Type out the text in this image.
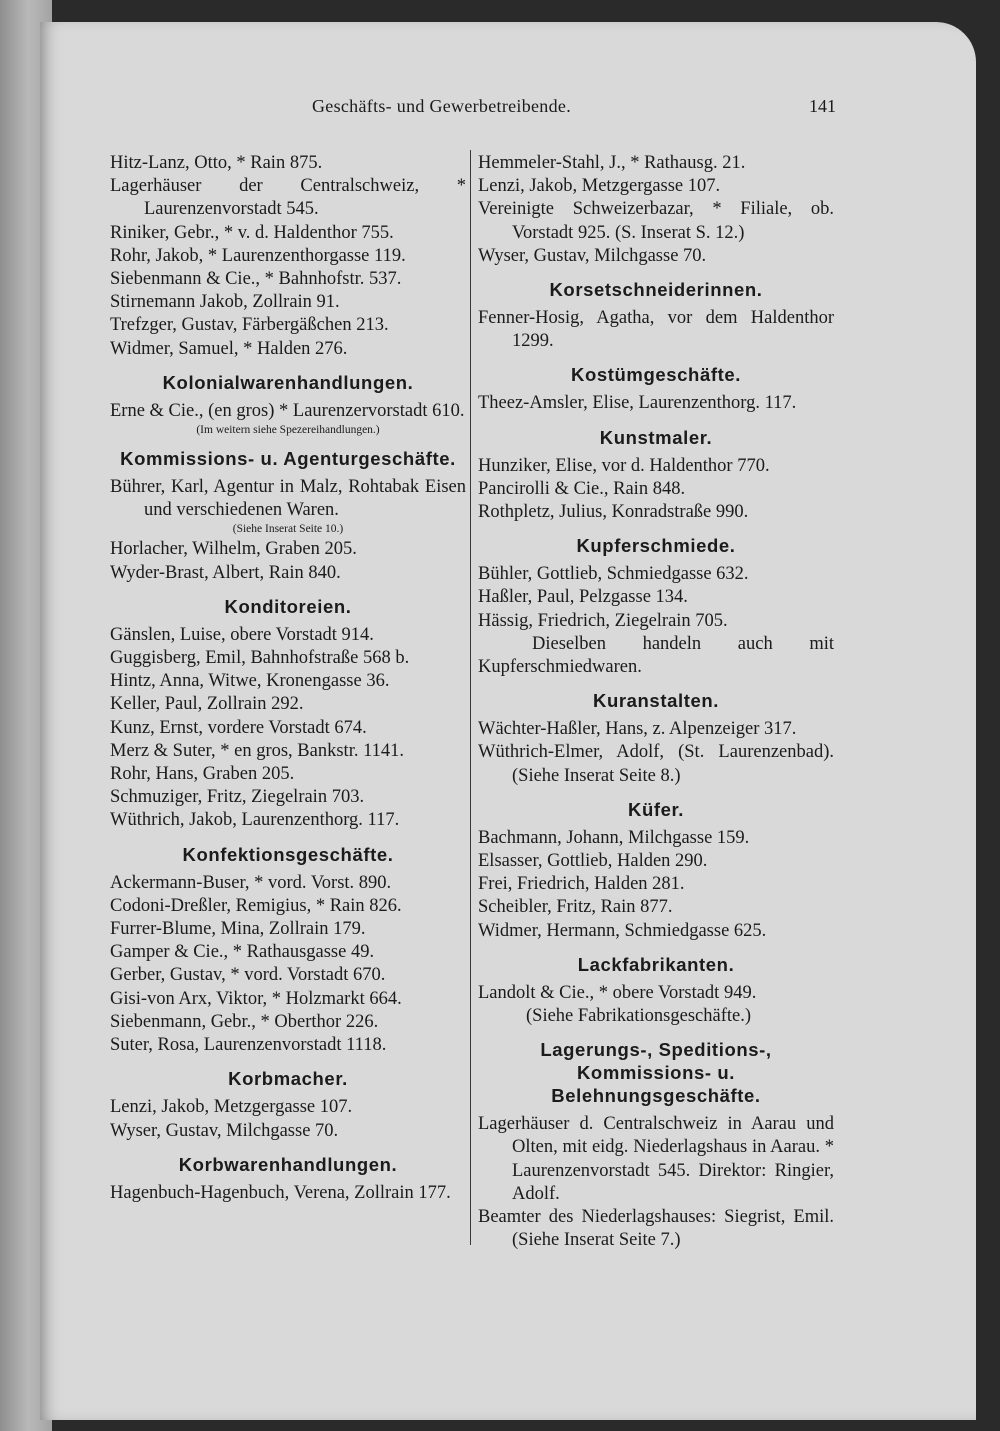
Geschäfts- und Gewerbetreibende.	141
Hitz-Lanz, Otto, * Rain 875.
Lagerhäuser der Centralschweiz, * Laurenzenvorstadt 545.
Riniker, Gebr., * v. d. Haldenthor 755.
Rohr, Jakob, * Laurenzenthorgasse 119.
Siebenmann & Cie., * Bahnhofstr. 537.
Stirnemann Jakob, Zollrain 91.
Trefzger, Gustav, Färbergäßchen 213.
Widmer, Samuel, * Halden 276.
Kolonialwarenhandlungen.
Erne & Cie., (en gros) * Laurenzervorstadt 610.
(Im weitern siehe Spezereihandlungen.)
Kommissions- u. Agenturgeschäfte.
Bührer, Karl, Agentur in Malz, Rohtabak Eisen und verschiedenen Waren.
(Siehe Inserat Seite 10.)
Horlacher, Wilhelm, Graben 205.
Wyder-Brast, Albert, Rain 840.
Konditoreien.
Gänslen, Luise, obere Vorstadt 914.
Guggisberg, Emil, Bahnhofstraße 568 b.
Hintz, Anna, Witwe, Kronengasse 36.
Keller, Paul, Zollrain 292.
Kunz, Ernst, vordere Vorstadt 674.
Merz & Suter, * en gros, Bankstr. 1141.
Rohr, Hans, Graben 205.
Schmuziger, Fritz, Ziegelrain 703.
Wüthrich, Jakob, Laurenzenthorg. 117.
Konfektionsgeschäfte.
Ackermann-Buser, * vord. Vorst. 890.
Codoni-Dreßler, Remigius, * Rain 826.
Furrer-Blume, Mina, Zollrain 179.
Gamper & Cie., * Rathausgasse 49.
Gerber, Gustav, * vord. Vorstadt 670.
Gisi-von Arx, Viktor, * Holzmarkt 664.
Siebenmann, Gebr., * Oberthor 226.
Suter, Rosa, Laurenzenvorstadt 1118.
Korbmacher.
Lenzi, Jakob, Metzgergasse 107.
Wyser, Gustav, Milchgasse 70.
Korbwarenhandlungen.
Hagenbuch-Hagenbuch, Verena, Zollrain 177.
Hemmeler-Stahl, J., * Rathausg. 21.
Lenzi, Jakob, Metzgergasse 107.
Vereinigte Schweizerbazar, * Filiale, ob. Vorstadt 925. (S. Inserat S. 12.)
Wyser, Gustav, Milchgasse 70.
Korsetschneiderinnen.
Fenner-Hosig, Agatha, vor dem Haldenthor 1299.
Kostümgeschäfte.
Theez-Amsler, Elise, Laurenzenthorg. 117.
Kunstmaler.
Hunziker, Elise, vor d. Haldenthor 770.
Pancirolli & Cie., Rain 848.
Rothpletz, Julius, Konradstraße 990.
Kupferschmiede.
Bühler, Gottlieb, Schmiedgasse 632.
Haßler, Paul, Pelzgasse 134.
Hässig, Friedrich, Ziegelrain 705.
Dieselben handeln auch mit Kupferschmiedwaren.
Kuranstalten.
Wächter-Haßler, Hans, z. Alpenzeiger 317.
Wüthrich-Elmer, Adolf, (St. Laurenzenbad). (Siehe Inserat Seite 8.)
Küfer.
Bachmann, Johann, Milchgasse 159.
Elsasser, Gottlieb, Halden 290.
Frei, Friedrich, Halden 281.
Scheibler, Fritz, Rain 877.
Widmer, Hermann, Schmiedgasse 625.
Lackfabrikanten.
Landolt & Cie., * obere Vorstadt 949.
(Siehe Fabrikationsgeschäfte.)
Lagerungs-, Speditions-, Kommissions- u. Belehnungsgeschäfte.
Lagerhäuser d. Centralschweiz in Aarau und Olten, mit eidg. Niederlagshaus in Aarau. * Laurenzenvorstadt 545. Direktor: Ringier, Adolf.
Beamter des Niederlagshauses: Siegrist, Emil. (Siehe Inserat Seite 7.)
